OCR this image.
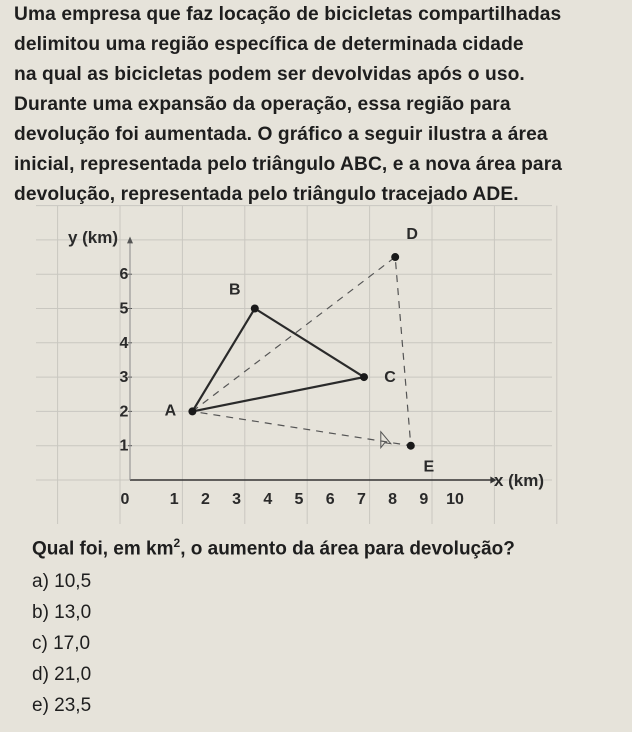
Uma empresa que faz locação de bicicletas compartilhadas
delimitou uma região específica de determinada cidade
na qual as bicicletas podem ser devolvidas após o uso.
Durante uma expansão da operação, essa região para
devolução foi aumentada. O gráfico a seguir ilustra a área
inicial, representada pelo triângulo ABC, e a nova área para
devolução, representada pelo triângulo tracejado ADE.
y (km)
x (km)
0	1 2 3 4 5 6 7 8 9 10
1
2
3
4
5
6
A
B
C
D
E
Qual foi, em $km^2$, o aumento da área para devolução?
a) 10,5
b) 13,0
c) 17,0
d) 21,0
e) 23,5
